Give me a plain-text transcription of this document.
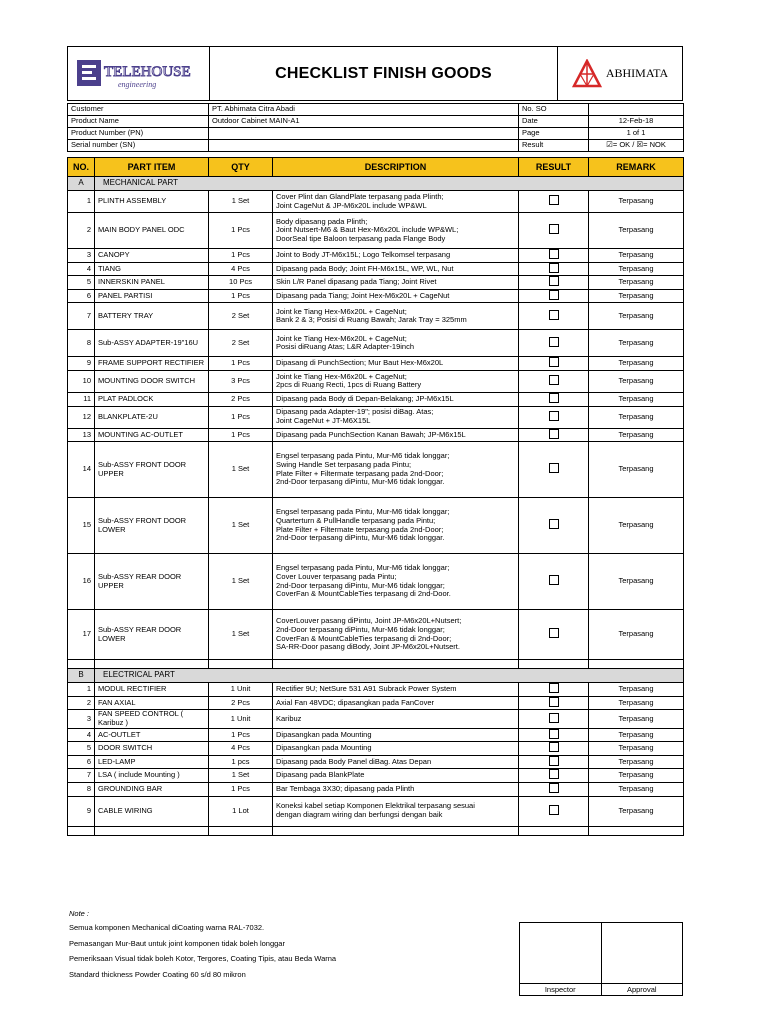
TELEHOUSE
engineering
CHECKLIST FINISH GOODS	ABHIMATA
Customer	PT. Abhimata Citra Abadi	No. SO	
Product Name	Outdoor Cabinet MAIN-A1	Date	12-Feb-18
Product Number (PN)		Page	1 of 1
Serial number (SN)		Result	☑= OK / ☒= NOK
NO.	PART ITEM	QTY	DESCRIPTION	RESULT	REMARK
A	MECHANICAL PART				
1	PLINTH ASSEMBLY	1 Set	Cover Plint dan GlandPlate terpasang pada Plinth;
Joint CageNut & JP-M6x20L include WP&WL		Terpasang
2	MAIN BODY PANEL ODC	1 Pcs	Body dipasang pada Plinth;
Joint Nutsert-M6 & Baut Hex-M6x20L include WP&WL;
DoorSeal tipe Baloon terpasang pada Flange Body		Terpasang
3	CANOPY	1 Pcs	Joint to Body JT-M6x15L; Logo Telkomsel terpasang		Terpasang
4	TIANG	4 Pcs	Dipasang pada Body; Joint FH-M6x15L, WP, WL, Nut		Terpasang
5	INNERSKIN PANEL	10 Pcs	Skin L/R Panel dipasang pada Tiang; Joint Rivet		Terpasang
6	PANEL PARTISI	1 Pcs	Dipasang pada Tiang; Joint Hex-M6x20L + CageNut		Terpasang
7	BATTERY TRAY	2 Set	Joint ke Tiang Hex-M6x20L + CageNut;
Bank 2 & 3; Posisi di Ruang Bawah; Jarak Tray = 325mm		Terpasang
8	Sub-ASSY ADAPTER-19"16U	2 Set	Joint ke Tiang Hex-M6x20L + CageNut;
Posisi diRuang Atas; L&R Adapter-19inch		Terpasang
9	FRAME SUPPORT RECTIFIER	1 Pcs	Dipasang di PunchSection; Mur Baut Hex-M6x20L		Terpasang
10	MOUNTING DOOR SWITCH	3 Pcs	Joint ke Tiang Hex-M6x20L + CageNut;
2pcs di Ruang Recti, 1pcs di Ruang Battery		Terpasang
11	PLAT PADLOCK	2 Pcs	Dipasang pada Body di Depan-Belakang; JP-M6x15L		Terpasang
12	BLANKPLATE-2U	1 Pcs	Dipasang pada Adapter-19"; posisi diBag. Atas;
Joint CageNut + JT-M6X15L		Terpasang
13	MOUNTING AC-OUTLET	1 Pcs	Dipasang pada PunchSection Kanan Bawah; JP-M6x15L		Terpasang
14	Sub-ASSY FRONT DOOR UPPER	1 Set	Engsel terpasang pada Pintu, Mur-M6 tidak longgar;
Swing Handle Set terpasang pada Pintu;
Plate Filter + Filtermate terpasang pada 2nd-Door;
2nd-Door terpasang diPintu, Mur-M6 tidak longgar.		Terpasang
15	Sub-ASSY FRONT DOOR LOWER	1 Set	Engsel terpasang pada Pintu, Mur-M6 tidak longgar;
Quarterturn & PullHandle terpasang pada Pintu;
Plate Filter + Filtermate terpasang pada 2nd-Door;
2nd-Door terpasang diPintu, Mur-M6 tidak longgar.		Terpasang
16	Sub-ASSY REAR DOOR UPPER	1 Set	Engsel terpasang pada Pintu, Mur-M6 tidak longgar;
Cover Louver terpasang pada Pintu;
2nd-Door terpasang diPintu, Mur-M6 tidak longgar;
CoverFan & MountCableTies terpasang di 2nd-Door.		Terpasang
17	Sub-ASSY REAR DOOR LOWER	1 Set	CoverLouver pasang diPintu, Joint JP-M6x20L+Nutsert;
2nd-Door terpasang diPintu, Mur-M6 tidak longgar;
CoverFan & MountCableTies terpasang di 2nd-Door;
SA-RR-Door pasang diBody, Joint JP-M6x20L+Nutsert.		Terpasang

B	ELECTRICAL PART				
1	MODUL RECTIFIER	1 Unit	Rectifier 9U; NetSure 531 A91 Subrack Power System		Terpasang
2	FAN AXIAL	2 Pcs	Axial Fan 48VDC; dipasangkan pada FanCover		Terpasang
3	FAN SPEED CONTROL ( Karibuz )	1 Unit	Karibuz		Terpasang
4	AC-OUTLET	1 Pcs	Dipasangkan pada Mounting		Terpasang
5	DOOR SWITCH	4 Pcs	Dipasangkan pada Mounting		Terpasang
6	LED-LAMP	1 pcs	Dipasang pada Body Panel diBag. Atas Depan		Terpasang
7	LSA ( include Mounting )	1 Set	Dipasang pada BlankPlate		Terpasang
8	GROUNDING BAR	1 Pcs	Bar Tembaga 3X30; dipasang pada Plinth		Terpasang
9	CABLE WIRING	1 Lot	Koneksi kabel setiap Komponen Elektrikal terpasang sesuai
dengan diagram wiring dan berfungsi dengan baik		Terpasang

Note :

Semua komponen Mechanical diCoating warna RAL-7032.

Pemasangan Mur-Baut untuk joint komponen tidak boleh longgar

Pemeriksaan Visual tidak boleh Kotor, Tergores, Coating Tipis, atau Beda Warna

Standard thickness Powder Coating 60 s/d 80 mikron

Inspector	Approval
